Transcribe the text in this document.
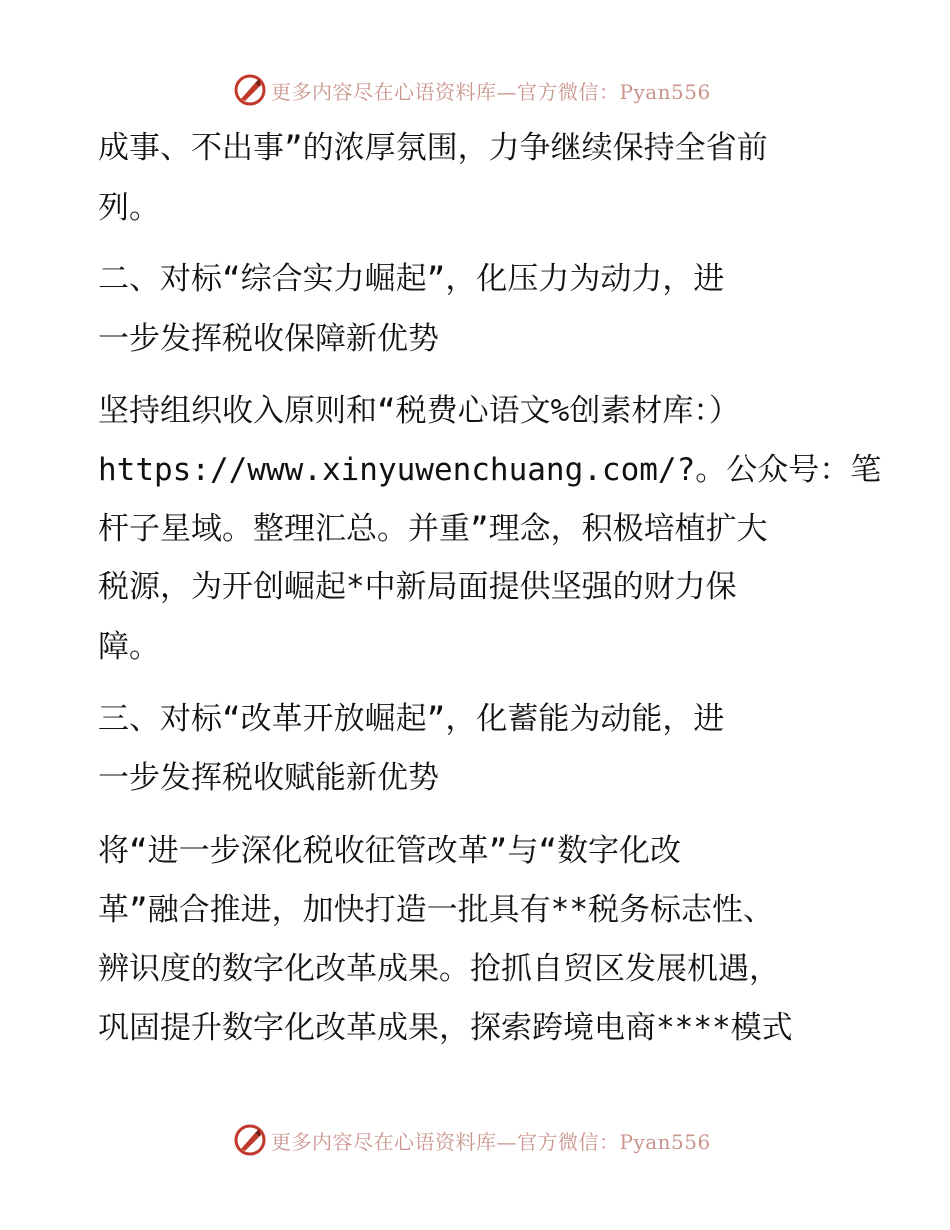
更多内容尽在心语资料库—官方微信：Pyan556
成事、不出事”的浓厚氛围，力争继续保持全省前
列。
二、对标“综合实力崛起”，化压力为动力，进
一步发挥税收保障新优势
坚持组织收入原则和“税费心语文%创素材库：）
https://www.xinyuwenchuang.com/?。公众号：笔
杆子星域。整理汇总。并重”理念，积极培植扩大
税源，为开创崛起*中新局面提供坚强的财力保
障。
三、对标“改革开放崛起”，化蓄能为动能，进
一步发挥税收赋能新优势
将“进一步深化税收征管改革”与“数字化改
革”融合推进，加快打造一批具有**税务标志性、
辨识度的数字化改革成果。抢抓自贸区发展机遇，
巩固提升数字化改革成果，探索跨境电商****模式
更多内容尽在心语资料库—官方微信：Pyan556
